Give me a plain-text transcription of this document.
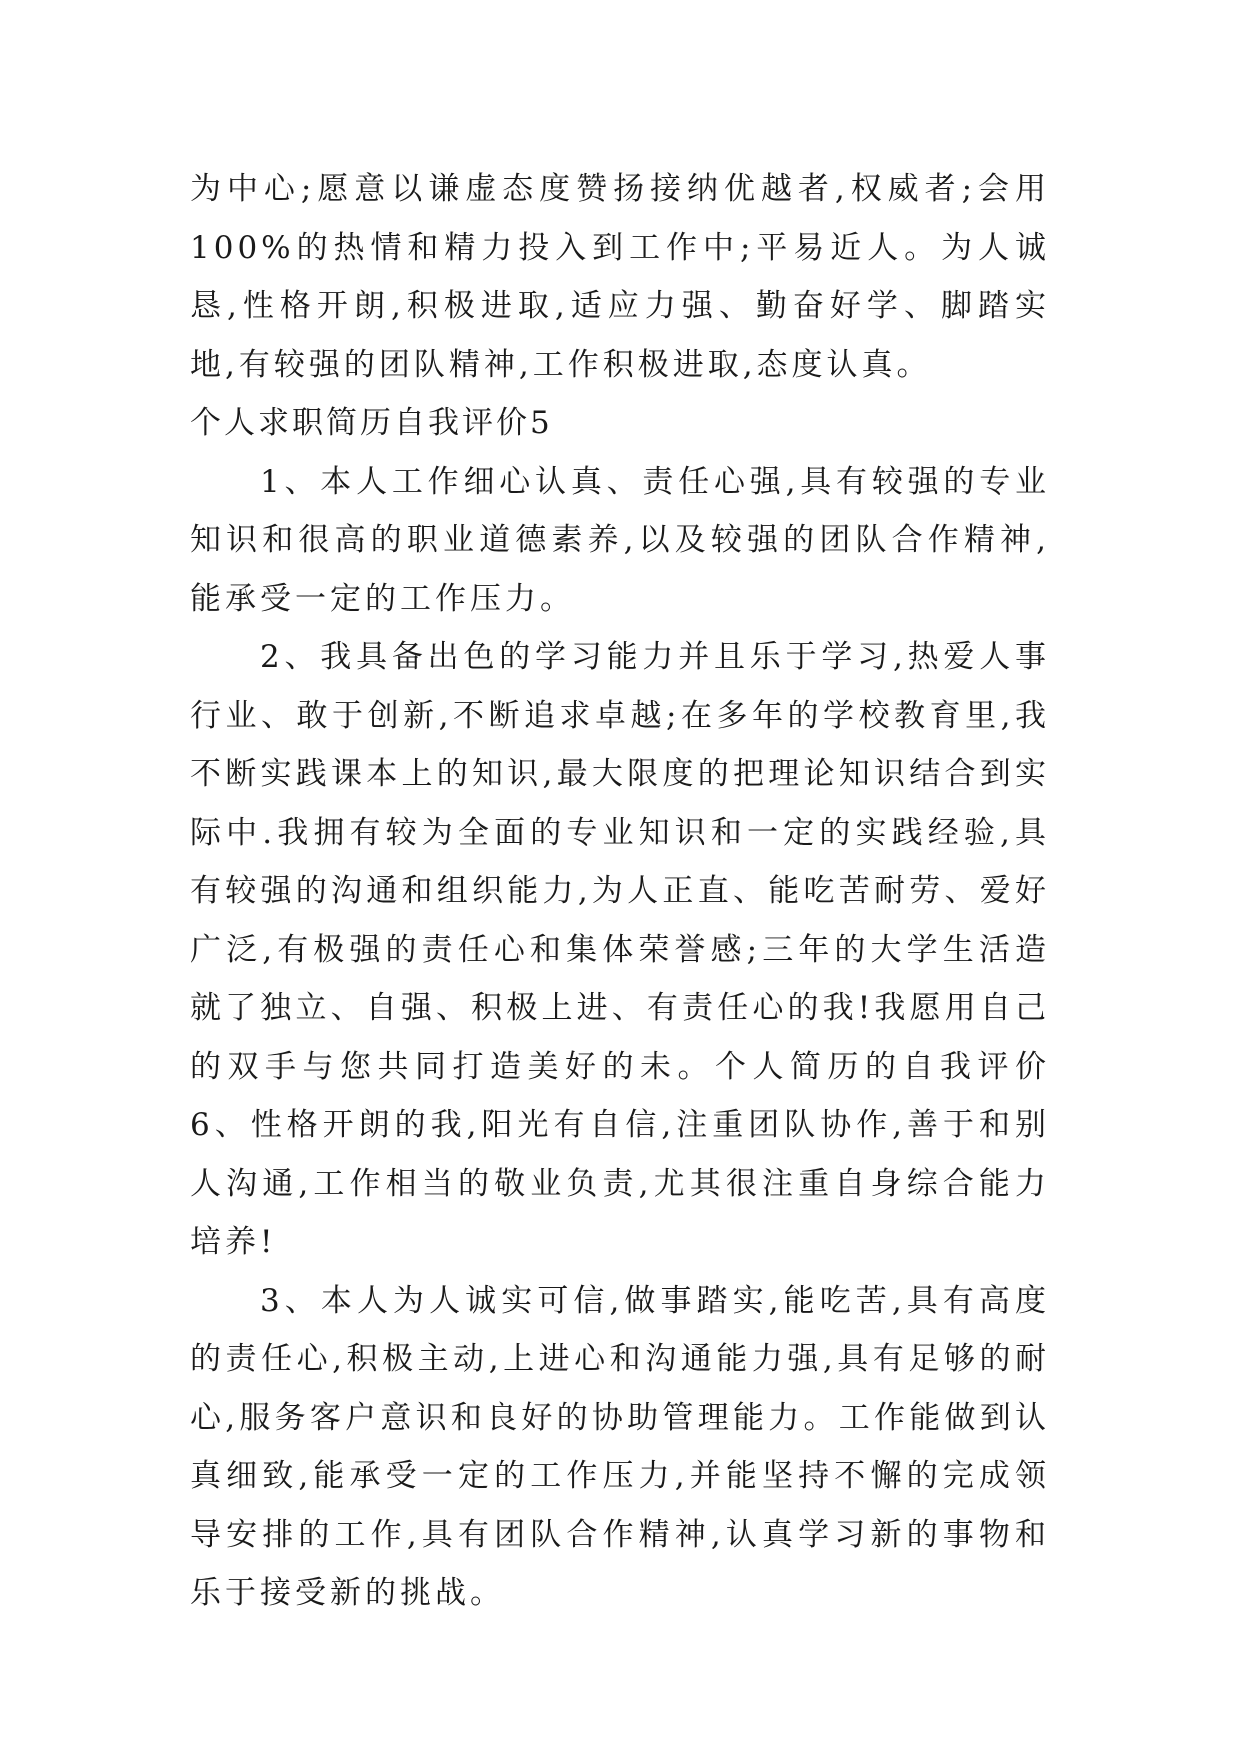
为中心;愿意以谦虚态度赞扬接纳优越者,权威者;会用100%的热情和精力投入到工作中;平易近人。为人诚恳,性格开朗,积极进取,适应力强、勤奋好学、脚踏实地,有较强的团队精神,工作积极进取,态度认真。

个人求职简历自我评价5

1、本人工作细心认真、责任心强,具有较强的专业知识和很高的职业道德素养,以及较强的团队合作精神,能承受一定的工作压力。

2、我具备出色的学习能力并且乐于学习,热爱人事行业、敢于创新,不断追求卓越;在多年的学校教育里,我不断实践课本上的知识,最大限度的把理论知识结合到实际中.我拥有较为全面的专业知识和一定的实践经验,具有较强的沟通和组织能力,为人正直、能吃苦耐劳、爱好广泛,有极强的责任心和集体荣誉感;三年的大学生活造就了独立、自强、积极上进、有责任心的我!我愿用自己的双手与您共同打造美好的未。个人简历的自我评价6、性格开朗的我,阳光有自信,注重团队协作,善于和别人沟通,工作相当的敬业负责,尤其很注重自身综合能力培养!

3、本人为人诚实可信,做事踏实,能吃苦,具有高度的责任心,积极主动,上进心和沟通能力强,具有足够的耐心,服务客户意识和良好的协助管理能力。工作能做到认真细致,能承受一定的工作压力,并能坚持不懈的完成领导安排的工作,具有团队合作精神,认真学习新的事物和乐于接受新的挑战。
